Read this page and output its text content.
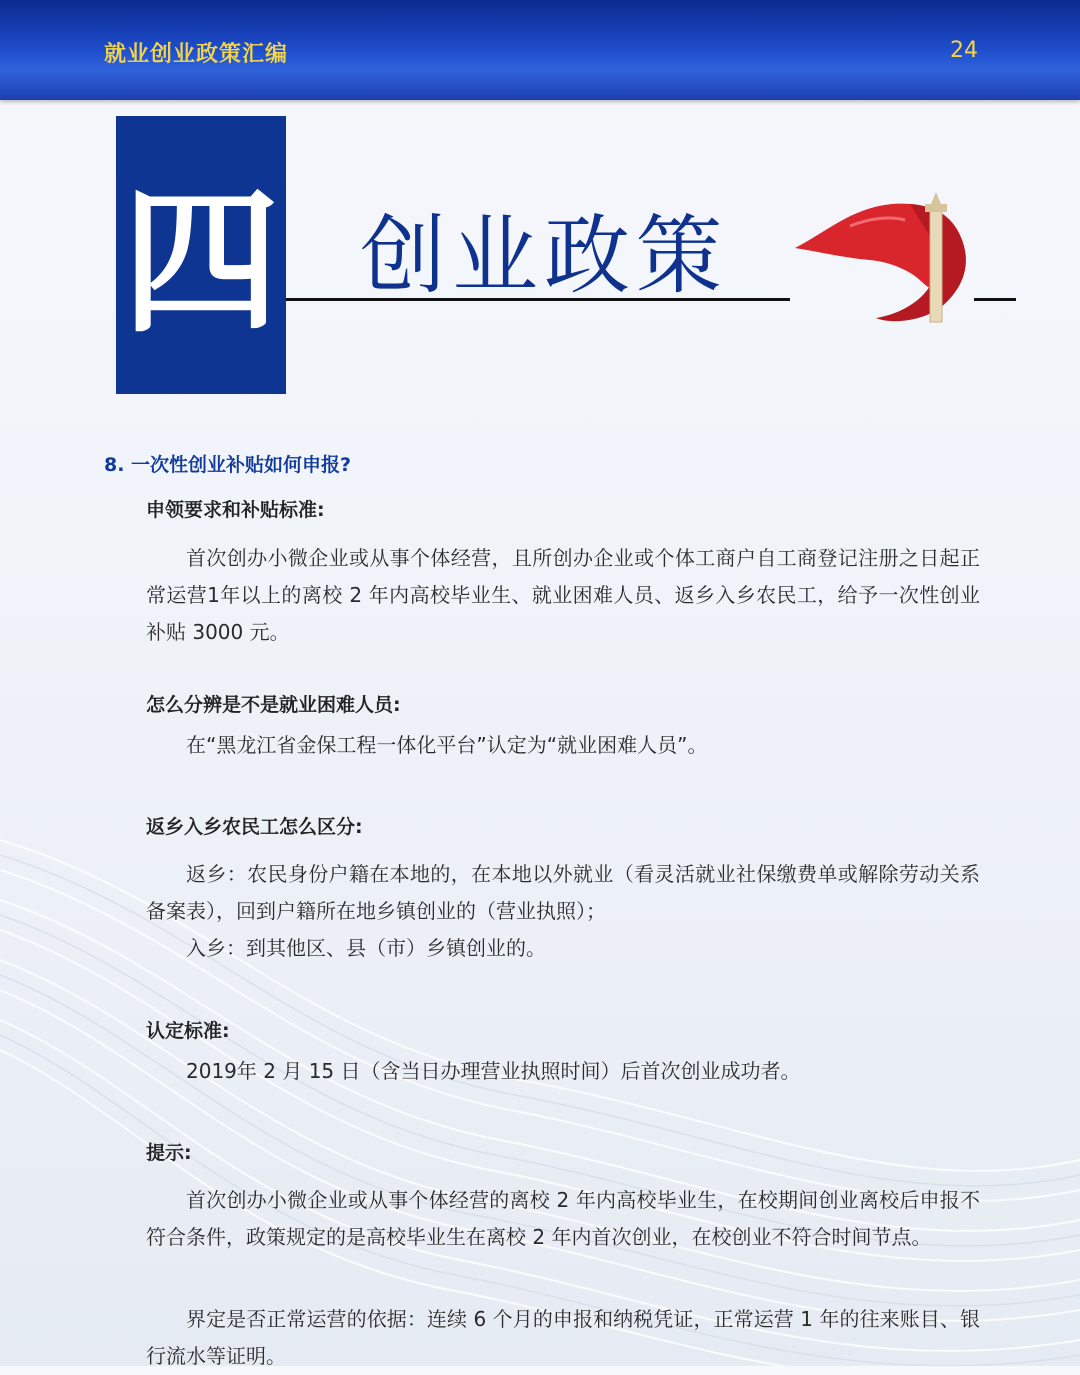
就业创业政策汇编	24
四 创业政策
8. 一次性创业补贴如何申报?
申领要求和补贴标准:

首次创办小微企业或从事个体经营，且所创办企业或个体工商户自工商登记注册之日起正常运营1年以上的离校 2 年内高校毕业生、就业困难人员、返乡入乡农民工，给予一次性创业补贴 3000 元。

怎么分辨是不是就业困难人员:

在“黑龙江省金保工程一体化平台”认定为“就业困难人员”。

返乡入乡农民工怎么区分:

返乡：农民身份户籍在本地的，在本地以外就业（看灵活就业社保缴费单或解除劳动关系备案表），回到户籍所在地乡镇创业的（营业执照）；

入乡：到其他区、县（市）乡镇创业的。

认定标准:

2019年 2 月 15 日（含当日办理营业执照时间）后首次创业成功者。

提示:

首次创办小微企业或从事个体经营的离校 2 年内高校毕业生，在校期间创业离校后申报不符合条件，政策规定的是高校毕业生在离校 2 年内首次创业，在校创业不符合时间节点。

界定是否正常运营的依据：连续 6 个月的申报和纳税凭证，正常运营 1 年的往来账目、银行流水等证明。
